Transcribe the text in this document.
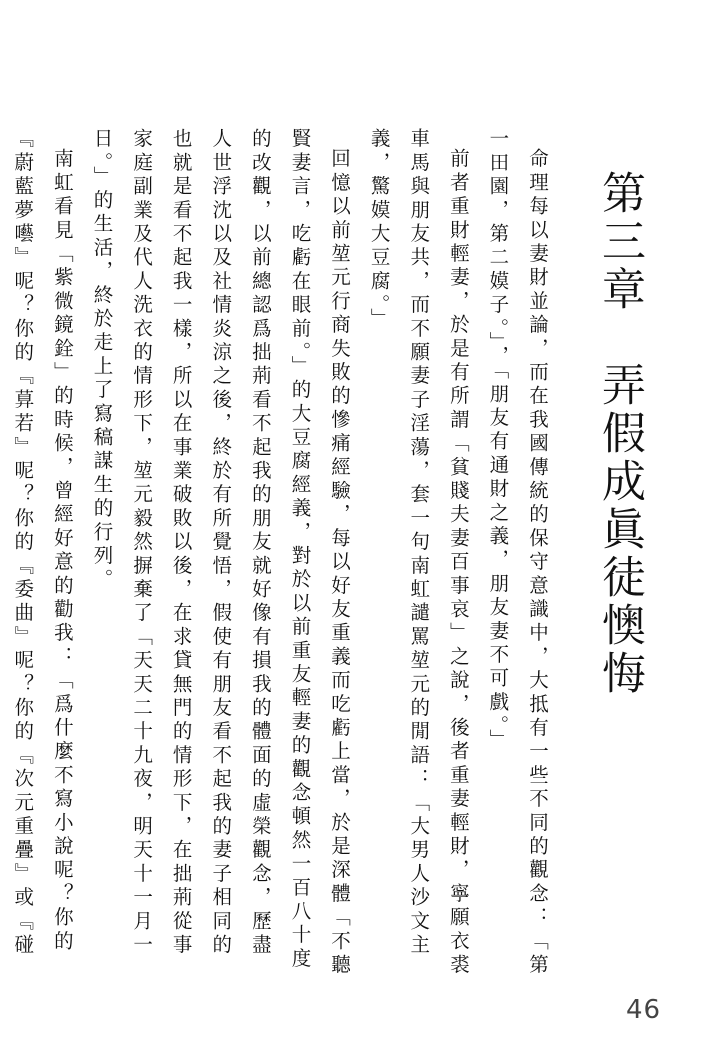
第三章　弄假成眞徒懊悔

命理每以妻財並論，而在我國傳統的保守意識中，大抵有一些不同的觀念：「第一田園，第二嫫子。」，「朋友有通財之義，朋友妻不可戲。」

前者重財輕妻，於是有所謂「貧賤夫妻百事哀」之說，後者重妻輕財，寧願衣裘車馬與朋友共，而不願妻子淫蕩，套一句南虹譴罵堃元的閒語：「大男人沙文主義，驚嫫大豆腐。」

回憶以前堃元行商失敗的慘痛經驗，每以好友重義而吃虧上當，於是深體「不聽賢妻言，吃虧在眼前。」的大豆腐經義，對於以前重友輕妻的觀念頓然一百八十度的改觀，以前總認爲拙荊看不起我的朋友就好像有損我的體面的虛榮觀念，歷盡人世浮沈以及社情炎涼之後，終於有所覺悟，假使有朋友看不起我的妻子相同的也就是看不起我一樣，所以在事業破敗以後，在求貸無門的情形下，在拙荊從事家庭副業及代人洗衣的情形下，堃元毅然摒棄了「天天二十九夜，明天十一月一日。」的生活，終於走上了寫稿謀生的行列。

南虹看見「紫微鏡銓」的時候，曾經好意的勸我：「爲什麼不寫小說呢？你的『蔚藍夢囈』呢？你的『萛若』呢？你的『委曲』呢？你的『次元重疊』或『碰

46
